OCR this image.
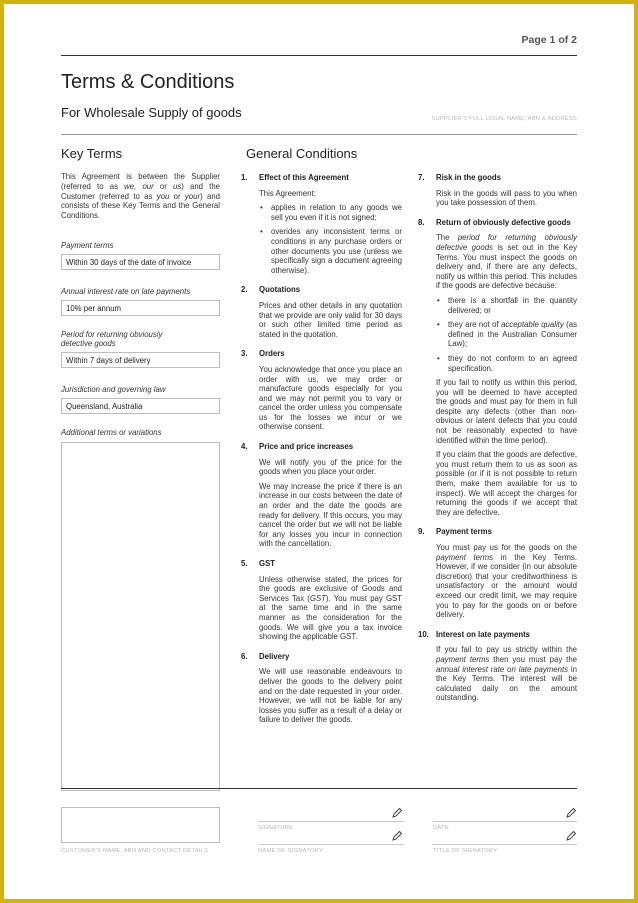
Page 1 of 2
Terms & Conditions
For Wholesale Supply of goods	SUPPLIER'S FULL LEGAL NAME, ABN & ADDRESS
Key Terms

This Agreement is between the Supplier (referred to as we, our or us) and the Customer (referred to as you or your) and consists of these Key Terms and the General Conditions.

Payment terms
Within 30 days of the date of invoice
Annual interest rate on late payments
10% per annum
Period for returning obviously detective goods
Within 7 days of delivery
Jurisdiction and governing law
Queensland, Australia
Additional terms or variations
General Conditions
1.	Effect of this Agreement

This Agreement:

• applies in relation to any goods we sell you even if it is not signed;
• overides any inconsistent terms or conditions in any purchase orders or other documents you use (unless we specifically sign a document agreeing otherwise).
2.	Quotations

Prices and other details in any quotation that we provide are only valid for 30 days or such other limited time period as stated in the quotation.

3.	Orders

You acknowledge that once you place an order with us, we may order or manufacture goods especially for you and we may not permit you to vary or cancel the order unless you compensate us for the losses we incur or we otherwise consent.

4.	Price and price increases

We will notify you of the price for the goods when you place your order.

We may increase the price if there is an increase in our costs between the date of an order and the date the goods are ready for delivery. If this occurs, you may cancel the order but we will not be liable for any losses you incur in connection with the cancellation.

5.	GST

Unless otherwise stated, the prices for the goods are exclusive of Goods and Services Tax (GST). You must pay GST at the same time and in the same manner as the consideration for the goods. We will give you a tax invoice showing the applicable GST.

6.	Delivery

We will use reasonable endeavours to deliver the goods to the delivery point and on the date requested in your order. However, we will not be liable for any losses you suffer as a result of a delay or failure to deliver the goods.

7.	Risk in the goods

Risk in the goods will pass to you when you take possession of them.

8.	Return of obviously defective goods

The period for returning obviously defective goods is set out in the Key Terms. You must inspect the goods on delivery and, if there are any defects, notify us within this period. This includes if the goods are defective because:

• there is a shortfall in the quantity delivered; or
• they are not of acceptable quality (as defined in the Australian Consumer Law);
• they do not conform to an agreed specification.

If you fail to notify us within this period, you will be deemed to have accepted the goods and must pay for them in full despite any defects (other than non-obvious or latent defects that you could not be reasonably expected to have identified within the time period).

If you claim that the goods are defective, you must return them to us as soon as possible (or if it is not possible to return them, make them available for us to inspect). We will accept the charges for returning the goods if we accept that they are defective.

9.	Payment terms

You must pay us for the goods on the payment terms in the Key Terms. However, if we consider (in our absolute discretion) that your creditworthiness is unsatisfactory or the amount would exceed our credit limit, we may require you to pay for the goods on or before delivery.

10. Interest on late payments

If you fail to pay us strictly within the payment terms then you must pay the annual interest rate on late payments in the Key Terms. The interest will be calculated daily on the amount outstanding.

CUSTOMER'S NAME, ABN AND CONTACT DETAILS
SIGNATURE
NAME OF SIGNATORY
DATE
TITLE OF SIGNATORY
